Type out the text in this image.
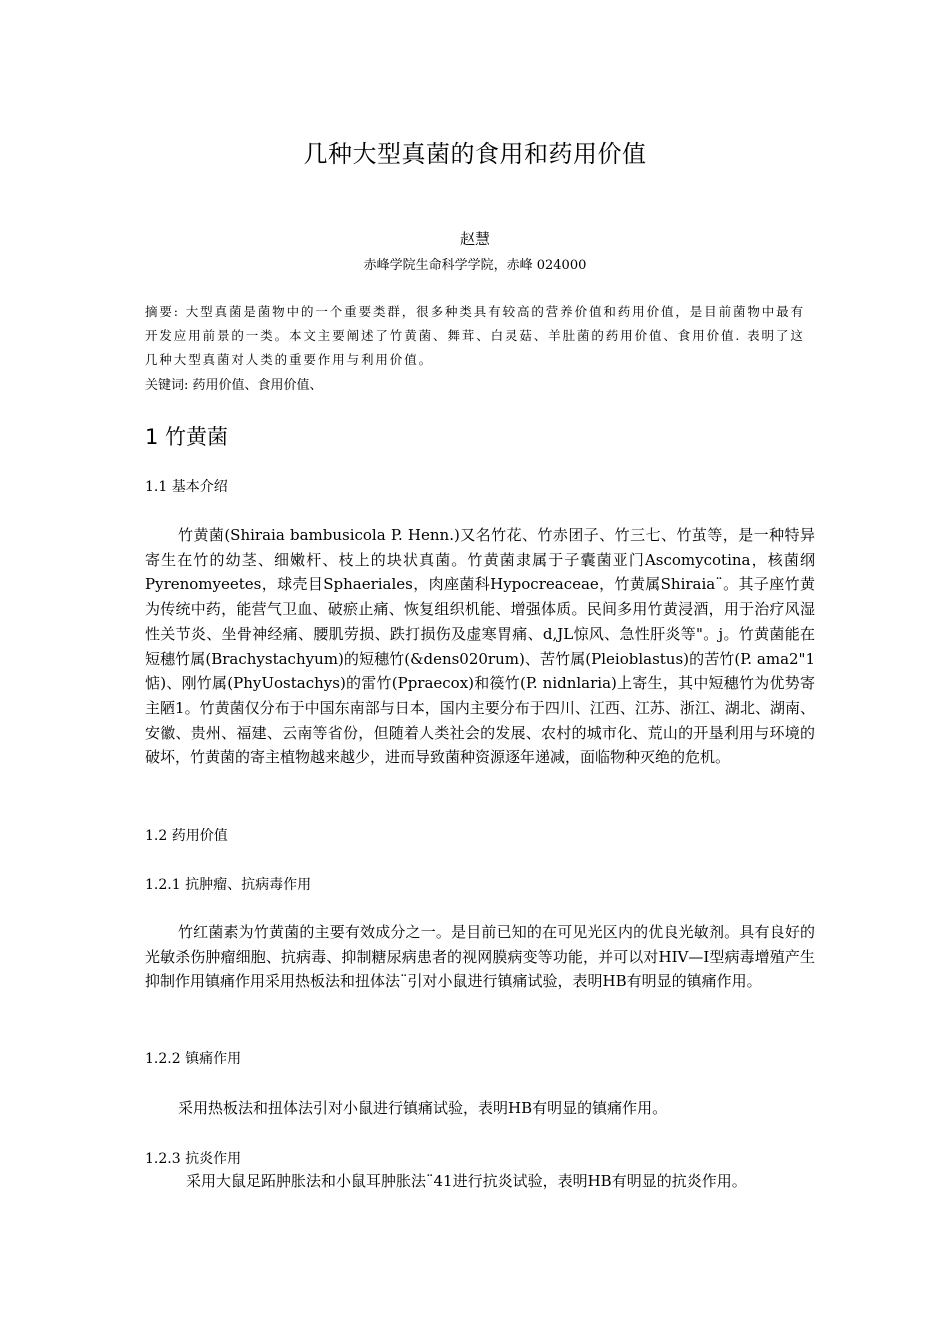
几种大型真菌的食用和药用价值
赵慧
赤峰学院生命科学学院，赤峰 024000
摘要: 大型真菌是菌物中的一个重要类群，很多种类具有较高的营养价值和药用价值，是目前菌物中最有开发应用前景的一类。本文主要阐述了竹黄菌、舞茸、白灵菇、羊肚菌的药用价值、食用价值. 表明了这几种大型真菌对人类的重要作用与利用价值。
关键词: 药用价值、食用价值、
1 竹黄菌
1.1 基本介绍
竹黄菌(Shiraia bambusicola P. Henn.)又名竹花、竹赤团子、竹三七、竹茧等，是一种特异寄生在竹的幼茎、细嫩杆、枝上的块状真菌。竹黄菌隶属于子囊菌亚门Ascomycotina，核菌纲Pyrenomyeetes，球壳目Sphaeriales，肉座菌科Hypocreaceae，竹黄属Shiraia¨。其子座竹黄为传统中药，能营气卫血、破瘀止痛、恢复组织机能、增强体质。民间多用竹黄浸酒，用于治疗风湿性关节炎、坐骨神经痛、腰肌劳损、跌打损伤及虚寒胃痛、d,JL惊风、急性肝炎等"。j。竹黄菌能在短穗竹属(Brachystachyum)的短穗竹(&dens020rum)、苦竹属(Pleioblastus)的苦竹(P. ama2"1惦)、刚竹属(PhyUostachys)的雷竹(Ppraecox)和篌竹(P. nidnlaria)上寄生，其中短穗竹为优势寄主陋1。竹黄菌仅分布于中国东南部与日本，国内主要分布于四川、江西、江苏、浙江、湖北、湖南、安徽、贵州、福建、云南等省份，但随着人类社会的发展、农村的城市化、荒山的开垦利用与环境的破坏，竹黄菌的寄主植物越来越少，进而导致菌种资源逐年递减，面临物种灭绝的危机。
1.2 药用价值
1.2.1 抗肿瘤、抗病毒作用
竹红菌素为竹黄菌的主要有效成分之一。是目前已知的在可见光区内的优良光敏剂。具有良好的光敏杀伤肿瘤细胞、抗病毒、抑制糖尿病患者的视网膜病变等功能，并可以对HIV—I型病毒增殖产生抑制作用镇痛作用采用热板法和扭体法¨引对小鼠进行镇痛试验，表明HB有明显的镇痛作用。
1.2.2 镇痛作用
采用热板法和扭体法引对小鼠进行镇痛试验，表明HB有明显的镇痛作用。
1.2.3 抗炎作用
采用大鼠足跖肿胀法和小鼠耳肿胀法¨41进行抗炎试验，表明HB有明显的抗炎作用。
